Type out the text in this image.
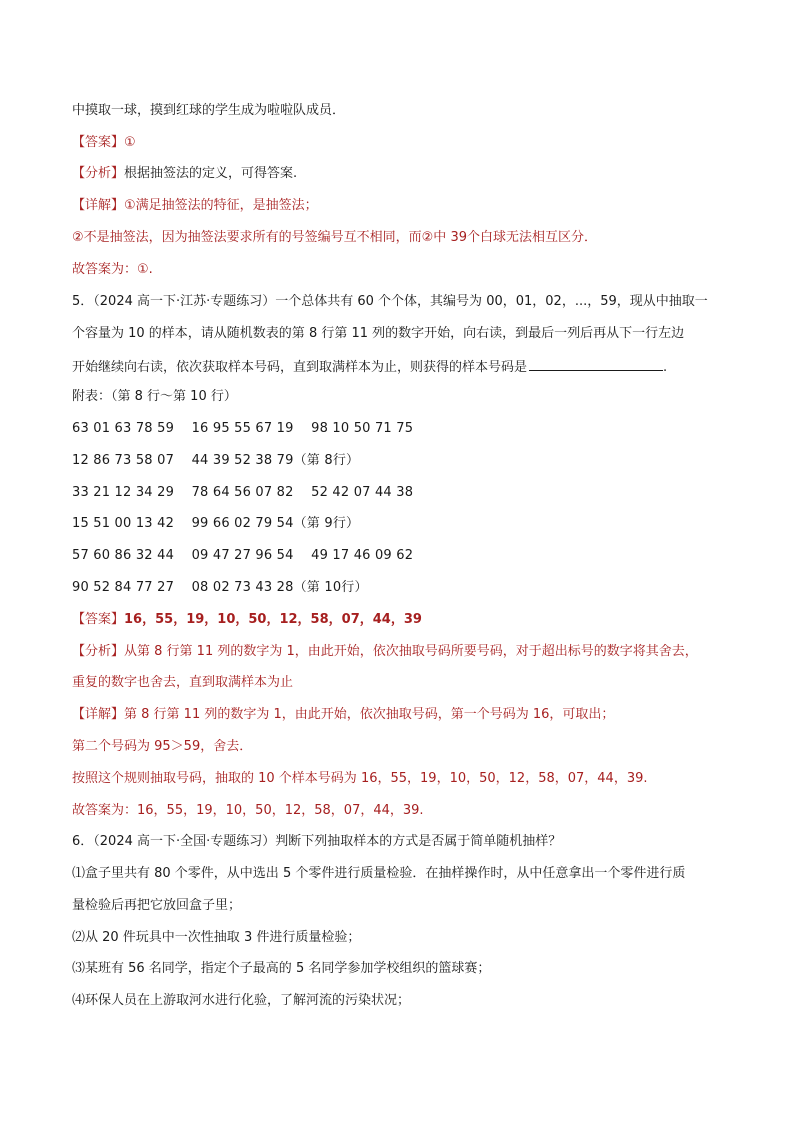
中摸取一球，摸到红球的学生成为啦啦队成员．
【答案】①
【分析】根据抽签法的定义，可得答案.
【详解】①满足抽签法的特征，是抽签法；
②不是抽签法，因为抽签法要求所有的号签编号互不相同，而②中 39个白球无法相互区分．
故答案为：①.
5．（2024 高一下·江苏·专题练习）一个总体共有 60 个个体，其编号为 00，01，02，...，59，现从中抽取一
个容量为 10 的样本，请从随机数表的第 8 行第 11 列的数字开始，向右读，到最后一列后再从下一行左边
开始继续向右读，依次获取样本号码，直到取满样本为止，则获得的样本号码是	.
附表：（第 8 行～第 10 行）
63 01 63 78 59　 16 95 55 67 19　 98 10 50 71 75
12 86 73 58 07　 44 39 52 38 79（第 8行）
33 21 12 34 29　 78 64 56 07 82　 52 42 07 44 38
15 51 00 13 42　 99 66 02 79 54（第 9行）
57 60 86 32 44　 09 47 27 96 54　 49 17 46 09 62
90 52 84 77 27　 08 02 73 43 28（第 10行）
【答案】16，55，19，10，50，12，58，07，44，39
【分析】从第 8 行第 11 列的数字为 1，由此开始，依次抽取号码所要号码，对于超出标号的数字将其舍去，
重复的数字也舍去，直到取满样本为止
【详解】第 8 行第 11 列的数字为 1，由此开始，依次抽取号码，第一个号码为 16，可取出；
第二个号码为 95＞59，舍去．
按照这个规则抽取号码，抽取的 10 个样本号码为 16，55，19，10，50，12，58，07，44，39.
故答案为：16，55，19，10，50，12，58，07，44，39.
6．（2024 高一下·全国·专题练习）判断下列抽取样本的方式是否属于简单随机抽样？
⑴盒子里共有 80 个零件，从中选出 5 个零件进行质量检验．在抽样操作时，从中任意拿出一个零件进行质
量检验后再把它放回盒子里；
⑵从 20 件玩具中一次性抽取 3 件进行质量检验；
⑶某班有 56 名同学，指定个子最高的 5 名同学参加学校组织的篮球赛；
⑷环保人员在上游取河水进行化验，了解河流的污染状况；
